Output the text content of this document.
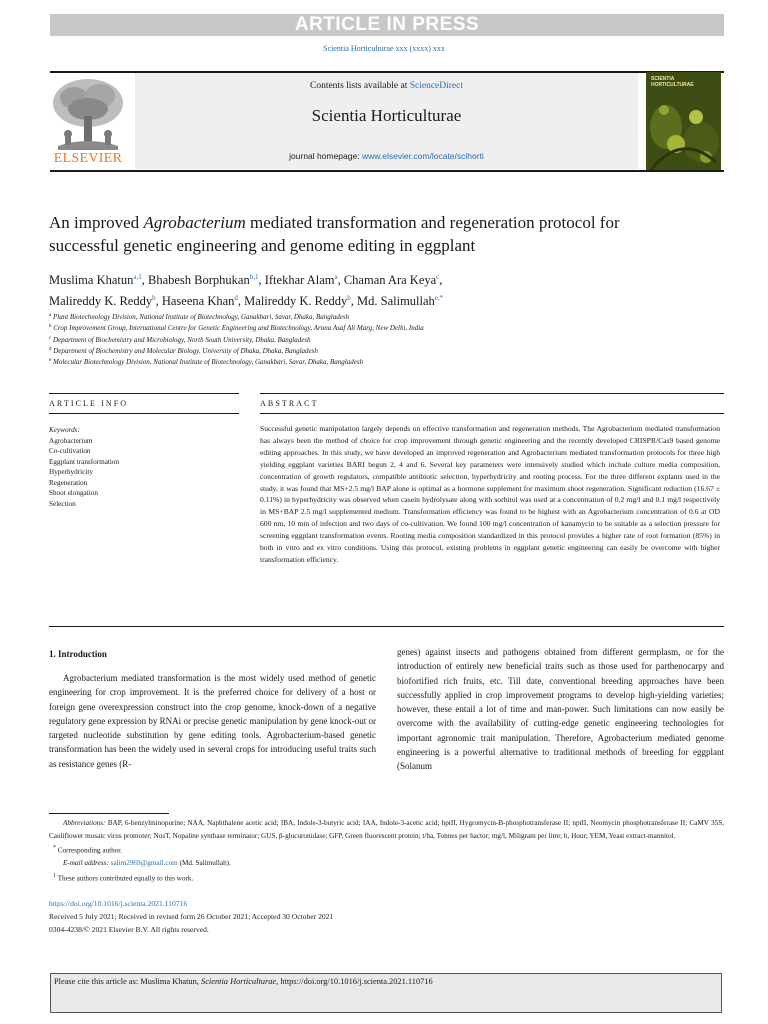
ARTICLE IN PRESS
Scientia Horticulturae xxx (xxxx) xxx
ELSEVIER
Contents lists available at ScienceDirect
Scientia Horticulturae
journal homepage: www.elsevier.com/locate/scihorti
SCIENTIA HORTICULTURAE
An improved Agrobacterium mediated transformation and regeneration protocol for successful genetic engineering and genome editing in eggplant
Muslima Khatun$^{a,1}$, Bhabesh Borphukan$^{b,1}$, Iftekhar Alam$^a$, Chaman Ara Keya$^c$,
Malireddy K. Reddy$^b$, Haseena Khan$^d$, Malireddy K. Reddy$^b$, Md. Salimullah$^{e,*}$
$^a$ Plant Biotechnology Division, National Institute of Biotechnology, Ganakbari, Savar, Dhaka, Bangladesh
$^b$ Crop Improvement Group, International Centre for Genetic Engineering and Biotechnology, Aruna Asaf Ali Marg, New Delhi, India
$^c$ Department of Biochemistry and Microbiology, North South University, Dhaka, Bangladesh
$^d$ Department of Biochemistry and Molecular Biology, University of Dhaka, Dhaka, Bangladesh
$^e$ Molecular Biotechnology Division, National Institute of Biotechnology, Ganakbari, Savar, Dhaka, Bangladesh
ARTICLE INFO	ABSTRACT
Keywords:
Agrobacterium
Co-cultivation
Eggplant transformation
Hyperhydricity
Regeneration
Shoot elongation
Selection
Successful genetic manipulation largely depends on effective transformation and regeneration methods. The Agrobacterium mediated transformation has always been the method of choice for crop improvement through genetic engineering and the recently developed CRISPR/Cas9 based genome editing approaches. In this study, we have developed an improved regeneration and Agrobacterium mediated transformation protocols for three high yielding eggplant varieties BARI begun 2, 4 and 6. Several key parameters were intensively studied which include culture media composition, concentration of growth regulators, compatible antibiotic selection, hyperhydricity and rooting process. For the three different explants used in the study, it was found that MS+2.5 mg/l BAP alone is optimal as a hormone supplement for maximum shoot regeneration. Significant reduction (16.67 ± 0.11%) in hyperhydricity was observed when casein hydrolysate along with sorbitol was used at a concentration of 0.2 mg/l and 0.1 mg/l respectively in MS+BAP 2.5 mg/l supplemented medium. Transformation efficiency was found to be highest with an Agrobacterium concentration of 0.6 at OD 600 nm, 10 min of infection and two days of co-cultivation. We found 100 mg/l concentration of kanamycin to be suitable as a selection pressure for screening eggplant transformation events. Rooting media composition standardized in this protocol provides a higher rate of root formation (85%) in both in vitro and ex vitro conditions. Using this protocol, existing problems in eggplant genetic engineering can easily be overcome with higher transformation efficiency.
1. Introduction
Agrobacterium mediated transformation is the most widely used method of genetic engineering for crop improvement. It is the preferred choice for delivery of a host or foreign gene overexpression construct into the crop genome, knock-down of a negative regulatory gene expression by RNAi or precise genetic manipulation by gene knock-out or targeted nucleotide substitution by gene editing tools. Agrobacterium-based genetic transformation has been the widely used in several crops for introducing useful traits such as resistance genes (R-
genes) against insects and pathogens obtained from different germplasm, or for the introduction of entirely new beneficial traits such as those used for parthenocarpy and biofortified rich fruits, etc. Till date, conventional breeding approaches have been successfully applied in crop improvement programs to develop high-yielding varieties; however, these entail a lot of time and man-power. Such limitations can now easily be overcome with the availability of cutting-edge genetic engineering technologies for important agronomic trait manipulation. Therefore, Agrobacterium mediated genome engineering is a powerful alternative to traditional methods of breeding for eggplant (Solanum
Abbreviations: BAP, 6-benzylminopurine; NAA, Naphthalene acetic acid; IBA, Indole-3-butyric acid; IAA, Indole-3-acetic acid; hptII, Hygromycin-B-phosphotransferase II; nptII, Neomycin phosphotransferase II; CaMV 35S, Cauliflower mosaic virus promoter; NosT, Nopaline synthase terminator; GUS, β-glucuronidase; GFP, Green fluorescent protein; t/ha, Tonnes per hactor; mg/l, Miligram per litre; h, Hour; YEM, Yeast extract-mannitol.
* Corresponding author.
E-mail address: salim2969@gmail.com (Md. Salimullah).
$^1$ These authors contributed equally to this work.
https://doi.org/10.1016/j.scienta.2021.110716
Received 5 July 2021; Received in revised form 26 October 2021; Accepted 30 October 2021
0304-4238/© 2021 Elsevier B.V. All rights reserved.
Please cite this article as: Muslima Khatun, Scientia Horticulturae, https://doi.org/10.1016/j.scienta.2021.110716
